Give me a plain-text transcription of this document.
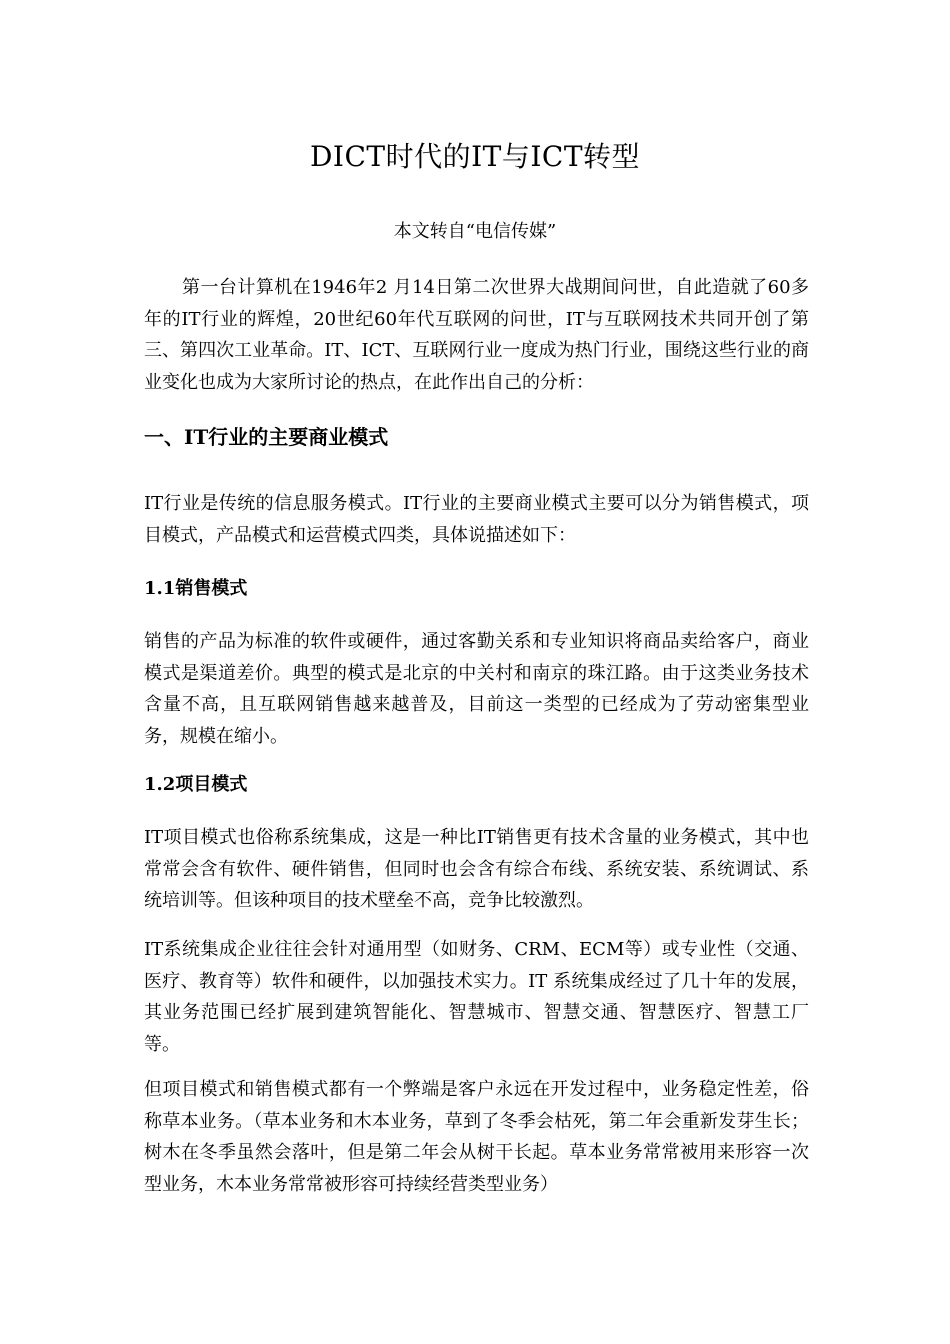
DICT时代的IT与ICT转型
本文转自“电信传媒”

第一台计算机在1946年2 月14日第二次世界大战期间问世，自此造就了60多年的IT行业的辉煌，20世纪60年代互联网的问世，IT与互联网技术共同开创了第三、第四次工业革命。IT、ICT、互联网行业一度成为热门行业，围绕这些行业的商业变化也成为大家所讨论的热点，在此作出自己的分析：

一、IT行业的主要商业模式

IT行业是传统的信息服务模式。IT行业的主要商业模式主要可以分为销售模式，项目模式，产品模式和运营模式四类，具体说描述如下：

1.1销售模式

销售的产品为标准的软件或硬件，通过客勤关系和专业知识将商品卖给客户，商业模式是渠道差价。典型的模式是北京的中关村和南京的珠江路。由于这类业务技术含量不高，且互联网销售越来越普及，目前这一类型的已经成为了劳动密集型业务，规模在缩小。

1.2项目模式

IT项目模式也俗称系统集成，这是一种比IT销售更有技术含量的业务模式，其中也常常会含有软件、硬件销售，但同时也会含有综合布线、系统安装、系统调试、系统培训等。但该种项目的技术壁垒不高，竞争比较激烈。

IT系统集成企业往往会针对通用型（如财务、CRM、ECM等）或专业性（交通、医疗、教育等）软件和硬件，以加强技术实力。IT 系统集成经过了几十年的发展，其业务范围已经扩展到建筑智能化、智慧城市、智慧交通、智慧医疗、智慧工厂等。

但项目模式和销售模式都有一个弊端是客户永远在开发过程中，业务稳定性差，俗称草本业务。（草本业务和木本业务，草到了冬季会枯死，第二年会重新发芽生长；树木在冬季虽然会落叶，但是第二年会从树干长起。草本业务常常被用来形容一次型业务，木本业务常常被形容可持续经营类型业务）
